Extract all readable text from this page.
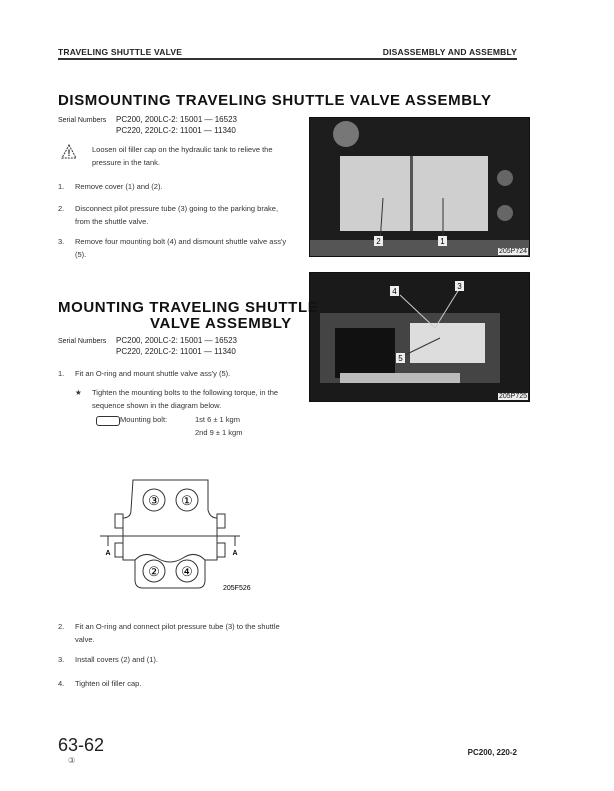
TRAVELING SHUTTLE VALVE	DISASSEMBLY AND ASSEMBLY
DISMOUNTING TRAVELING SHUTTLE VALVE ASSEMBLY
Serial Numbers PC200, 200LC-2: 15001 — 16523
PC220, 220LC-2: 11001 — 11340
!	Loosen oil filler cap on the hydraulic tank to relieve the pressure in the tank.
1. Remove cover (1) and (2).
2. Disconnect pilot pressure tube (3) going to the parking brake, from the shuttle valve.
3. Remove four mounting bolt (4) and dismount shuttle valve ass'y (5).
2	1
205P724
4
3
5
205P725
MOUNTING TRAVELING SHUTTLE
VALVE ASSEMBLY
Serial Numbers PC200, 200LC-2: 15001 — 16523
PC220, 220LC-2: 11001 — 11340
1. Fit an O-ring and mount shuttle valve ass'y (5).
★ Tighten the mounting bolts to the following torque, in the sequence shown in the diagram below.
Mounting bolt:	1st 6 ± 1 kgm
2nd 9 ± 1 kgm
③ ①
② ④
A	A
205F526
2. Fit an O-ring and connect pilot pressure tube (3) to the shuttle valve.
3. Install covers (2) and (1).
4. Tighten oil filler cap.
63-62
③
PC200, 220-2
